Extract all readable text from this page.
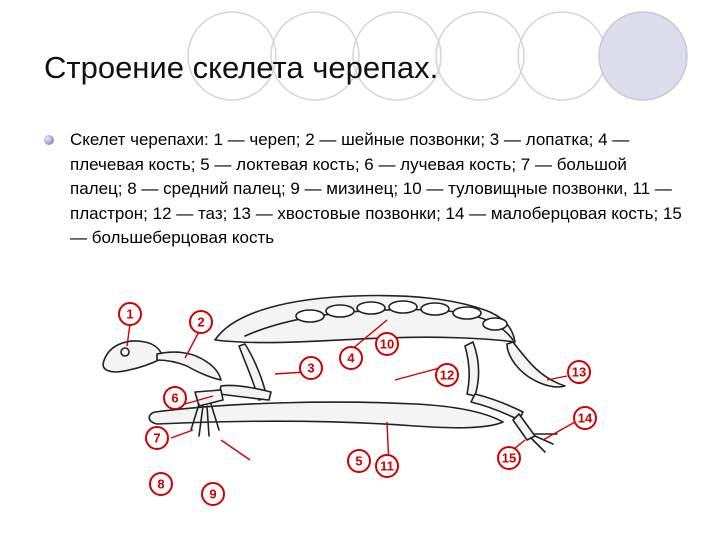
Строение скелета черепах.
Скелет черепахи: 1 — череп; 2 — шейные позвонки; 3 — лопатка; 4 — плечевая кость; 5 — локтевая кость; 6 — лучевая кость; 7 — большой палец; 8 — средний палец; 9 — мизинец; 10 — туловищные позвонки, 11 — пластрон; 12 — таз; 13 — хвостовые позвонки; 14 — малоберцовая кость; 15 — большеберцовая кость
1
2
3
4
5
6
7
8
9
10
11
12	13
14
15
